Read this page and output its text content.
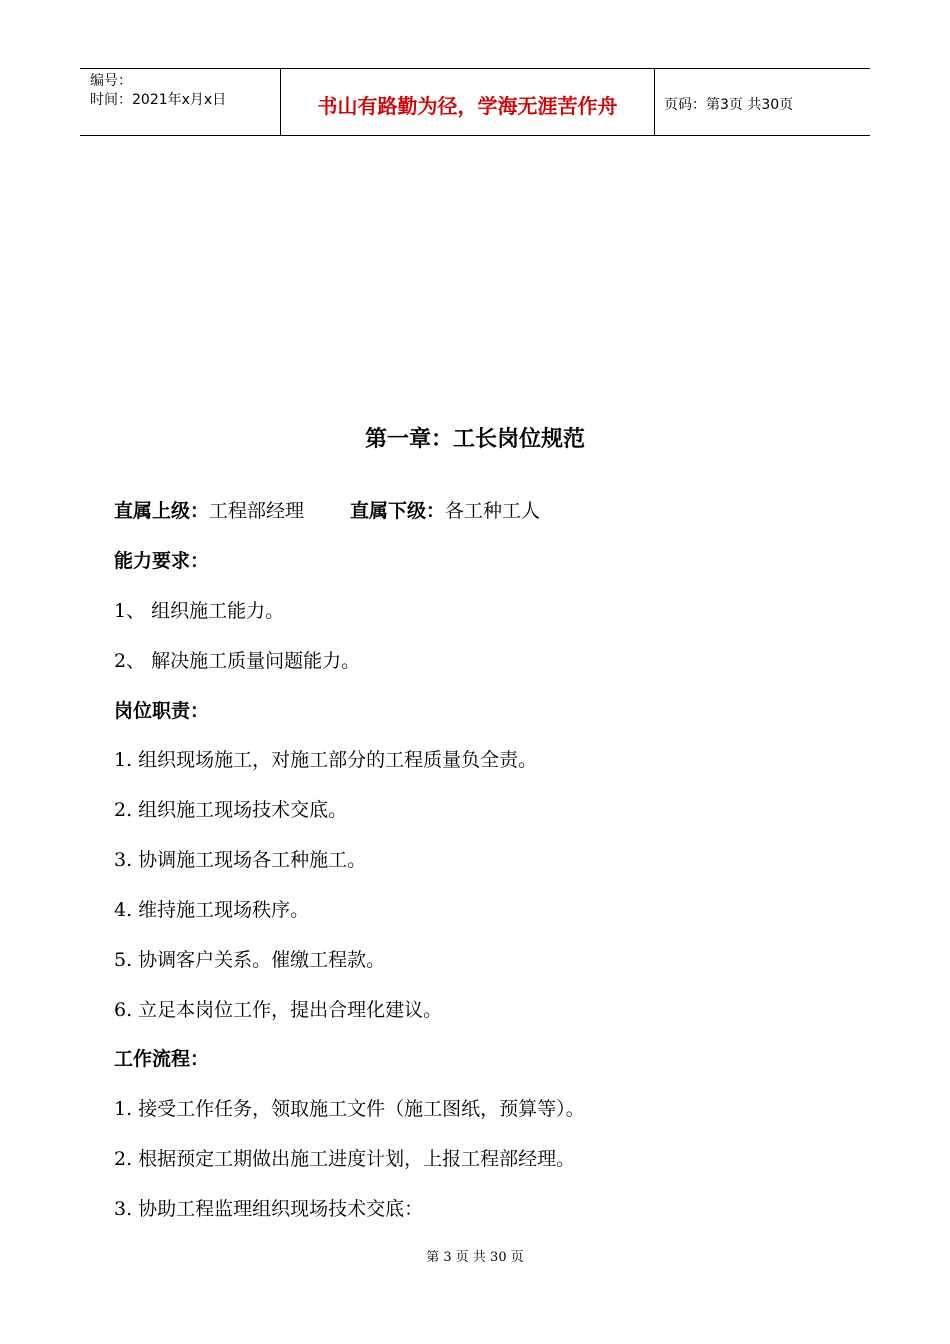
编号：
时间：2021年x月x日	书山有路勤为径，学海无涯苦作舟	页码：第3页 共30页
第一章：工长岗位规范
直属上级：工程部经理 直属下级：各工种工人
能力要求：
1、 组织施工能力。
2、 解决施工质量问题能力。
岗位职责：
1. 组织现场施工，对施工部分的工程质量负全责。
2. 组织施工现场技术交底。
3. 协调施工现场各工种施工。
4. 维持施工现场秩序。
5. 协调客户关系。催缴工程款。
6. 立足本岗位工作，提出合理化建议。
工作流程：
1. 接受工作任务，领取施工文件（施工图纸，预算等）。
2. 根据预定工期做出施工进度计划，上报工程部经理。
3. 协助工程监理组织现场技术交底：
第 3 页 共 30 页
